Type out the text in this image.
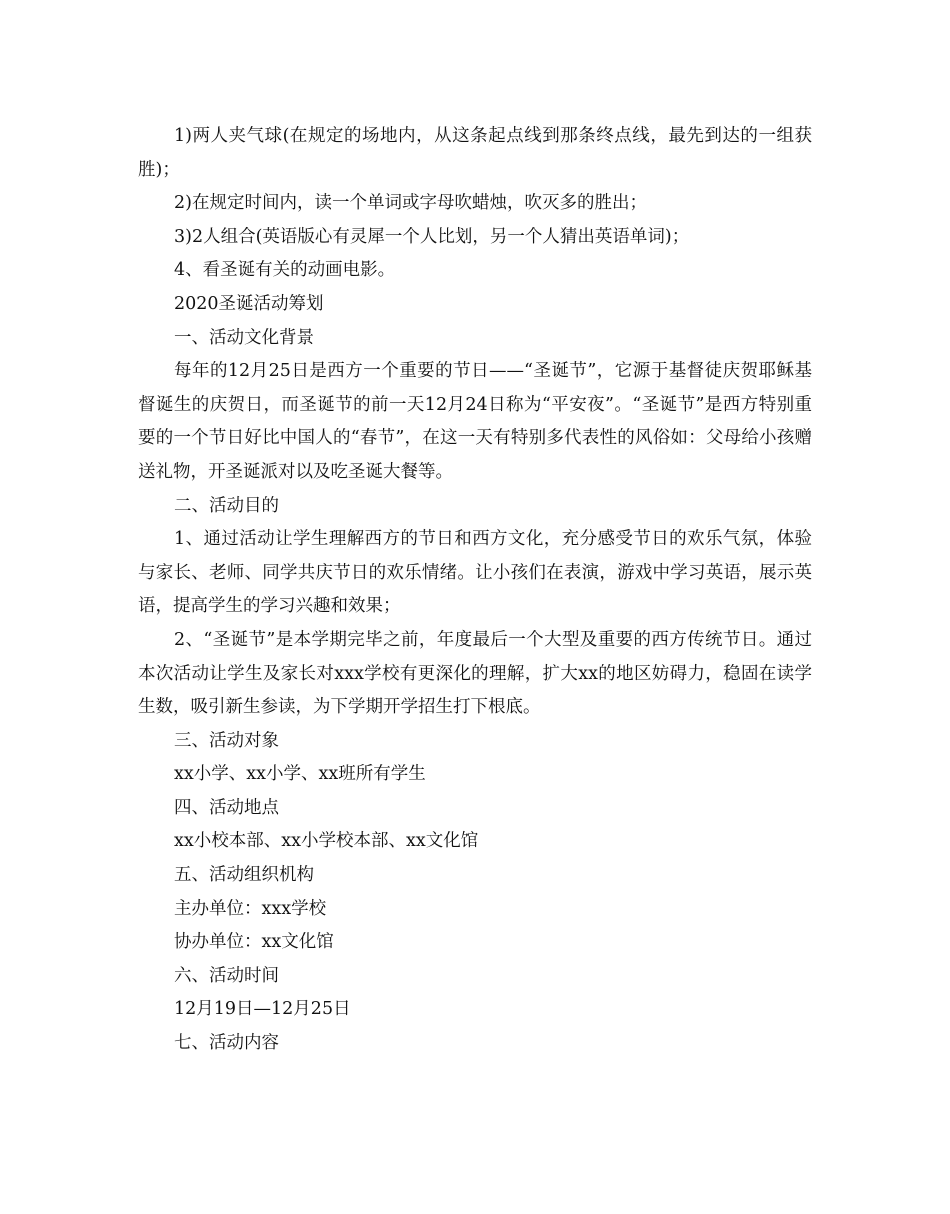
1)两人夹气球(在规定的场地内，从这条起点线到那条终点线，最先到达的一组获胜)；

2)在规定时间内，读一个单词或字母吹蜡烛，吹灭多的胜出；

3)2人组合(英语版心有灵犀一个人比划，另一个人猜出英语单词)；

4、看圣诞有关的动画电影。

2020圣诞活动筹划

一、活动文化背景

每年的12月25日是西方一个重要的节日——“圣诞节”，它源于基督徒庆贺耶稣基督诞生的庆贺日，而圣诞节的前一天12月24日称为“平安夜”。“圣诞节”是西方特别重要的一个节日好比中国人的“春节”，在这一天有特别多代表性的风俗如：父母给小孩赠送礼物，开圣诞派对以及吃圣诞大餐等。

二、活动目的

1、通过活动让学生理解西方的节日和西方文化，充分感受节日的欢乐气氛，体验与家长、老师、同学共庆节日的欢乐情绪。让小孩们在表演，游戏中学习英语，展示英语，提高学生的学习兴趣和效果；

2、“圣诞节”是本学期完毕之前，年度最后一个大型及重要的西方传统节日。通过本次活动让学生及家长对xxx学校有更深化的理解，扩大xx的地区妨碍力，稳固在读学生数，吸引新生参读，为下学期开学招生打下根底。

三、活动对象

xx小学、xx小学、xx班所有学生

四、活动地点

xx小校本部、xx小学校本部、xx文化馆

五、活动组织机构

主办单位：xxx学校

协办单位：xx文化馆

六、活动时间

12月19日—12月25日

七、活动内容
